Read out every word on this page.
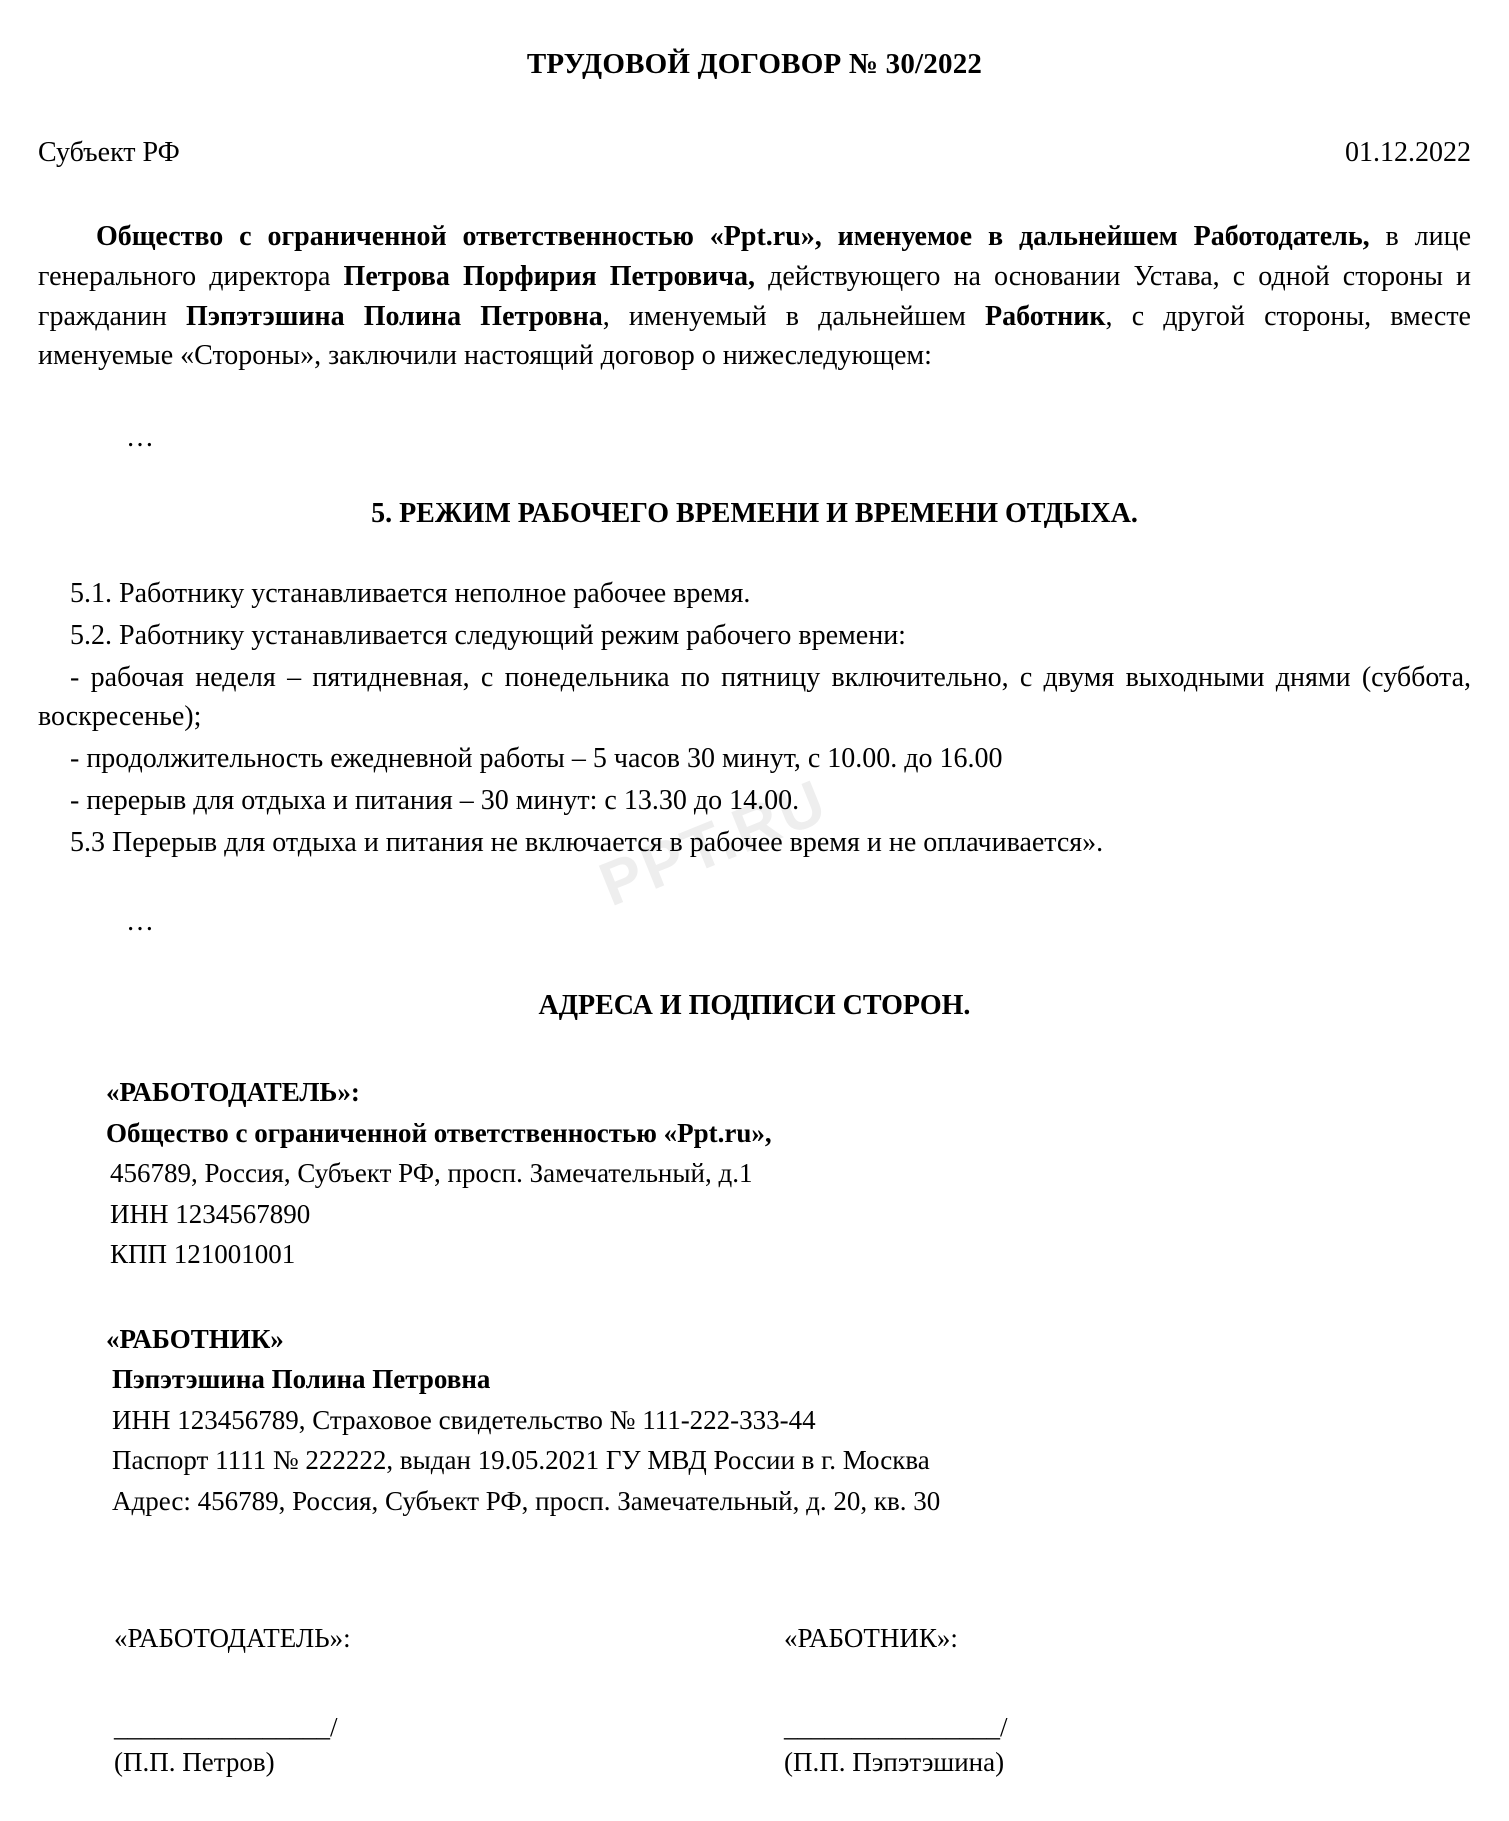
PPT.RU
ТРУДОВОЙ ДОГОВОР № 30/2022
Субъект РФ	01.12.2022

Общество с ограниченной ответственностью «Ppt.ru», именуемое в дальнейшем Работодатель, в лице генерального директора Петрова Порфирия Петровича, действующего на основании Устава, с одной стороны и гражданин Пэпэтэшина Полина Петровна, именуемый в дальнейшем Работник, с другой стороны, вместе именуемые «Стороны», заключили настоящий договор о нижеследующем:

…
5. РЕЖИМ РАБОЧЕГО ВРЕМЕНИ И ВРЕМЕНИ ОТДЫХА.

5.1. Работнику устанавливается неполное рабочее время.

5.2. Работнику устанавливается следующий режим рабочего времени:

- рабочая неделя – пятидневная, с понедельника по пятницу включительно, с двумя выходными днями (суббота, воскресенье);

- продолжительность ежедневной работы – 5 часов 30 минут, с 10.00. до 16.00

- перерыв для отдыха и питания – 30 минут: с 13.30 до 14.00.

5.3 Перерыв для отдыха и питания не включается в рабочее время и не оплачивается».

…
АДРЕСА И ПОДПИСИ СТОРОН.

«РАБОТОДАТЕЛЬ»:

Общество с ограниченной ответственностью «Ppt.ru»,

456789, Россия, Субъект РФ, просп. Замечательный, д.1

ИНН 1234567890

КПП 121001001

«РАБОТНИК»

Пэпэтэшина Полина Петровна

ИНН 123456789, Страховое свидетельство № 111-222-333-44

Паспорт 1111 № 222222, выдан 19.05.2021 ГУ МВД России в г. Москва

Адрес: 456789, Россия, Субъект РФ, просп. Замечательный, д. 20, кв. 30

«РАБОТОДАТЕЛЬ»:

________________/

(П.П. Петров)

«РАБОТНИК»:

________________/

(П.П. Пэпэтэшина)
